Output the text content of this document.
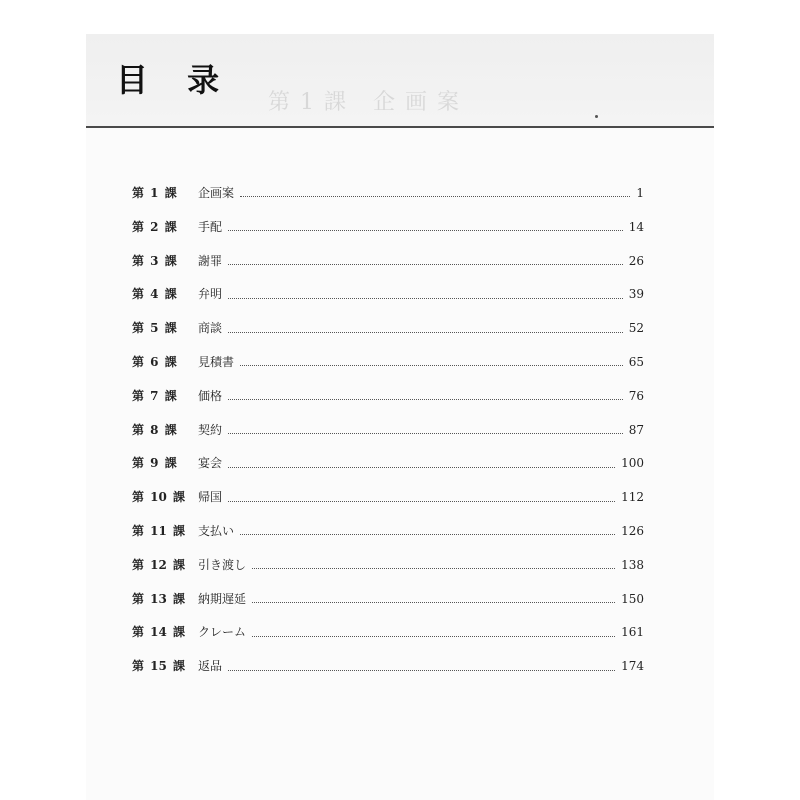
目 录
第1課 企画案
第 1 課	企画案	1
第 2 課	手配	14
第 3 課	謝罪	26
第 4 課	弁明	39
第 5 課	商談	52
第 6 課	見積書	65
第 7 課	価格	76
第 8 課	契約	87
第 9 課	宴会	100
第 10 課	帰国	112
第 11 課	支払い	126
第 12 課	引き渡し	138
第 13 課	納期遅延	150
第 14 課	クレーム	161
第 15 課	返品	174
